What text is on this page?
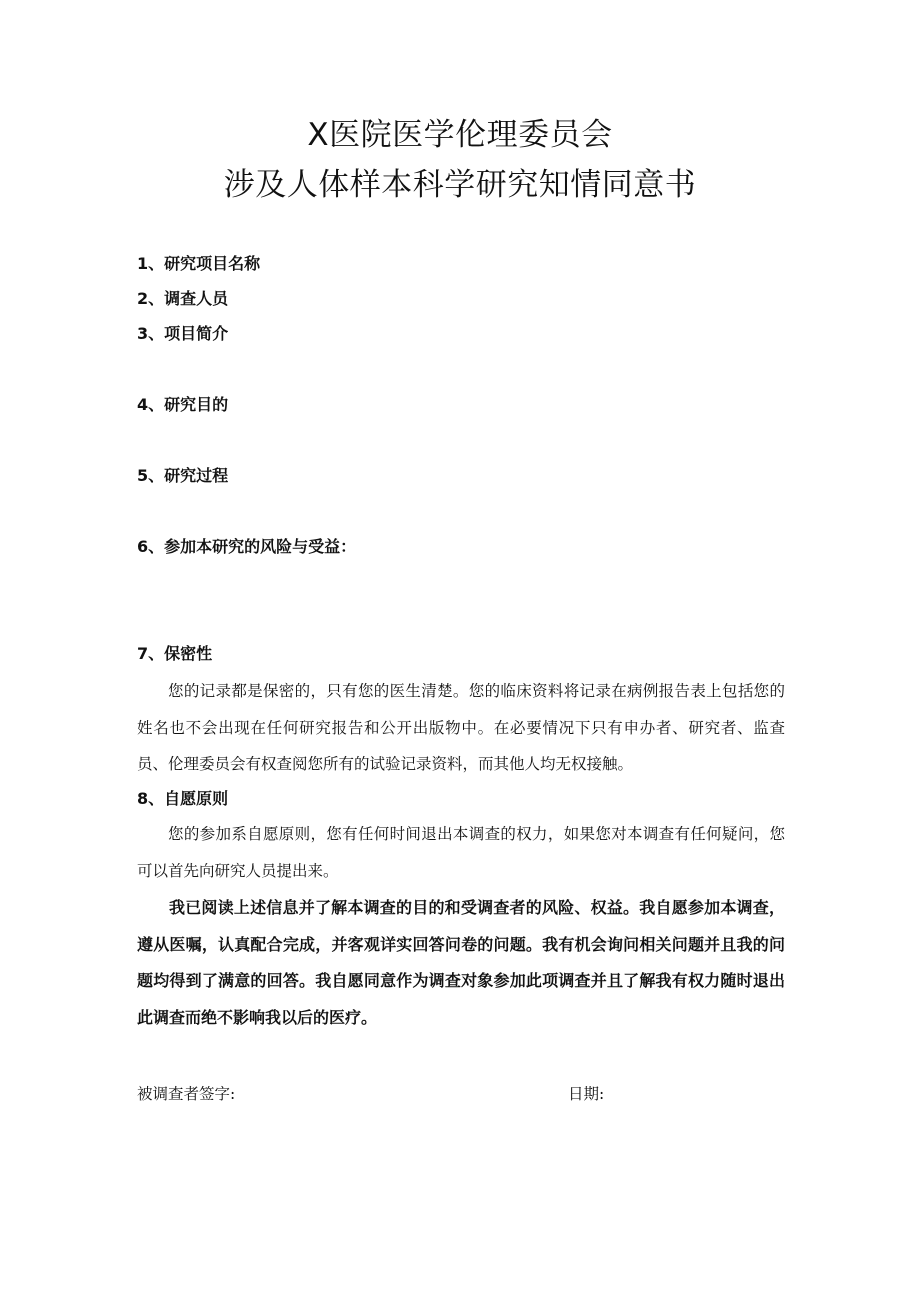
X医院医学伦理委员会
涉及人体样本科学研究知情同意书
1、研究项目名称
2、调查人员
3、项目简介
4、研究目的
5、研究过程
6、参加本研究的风险与受益：
7、保密性
您的记录都是保密的，只有您的医生清楚。您的临床资料将记录在病例报告表上包括您的姓名也不会出现在任何研究报告和公开出版物中。在必要情况下只有申办者、研究者、监查员、伦理委员会有权查阅您所有的试验记录资料，而其他人均无权接触。
8、自愿原则
您的参加系自愿原则，您有任何时间退出本调查的权力，如果您对本调查有任何疑问，您可以首先向研究人员提出来。
我已阅读上述信息并了解本调查的目的和受调查者的风险、权益。我自愿参加本调查，遵从医嘱，认真配合完成，并客观详实回答问卷的问题。我有机会询问相关问题并且我的问题均得到了满意的回答。我自愿同意作为调查对象参加此项调查并且了解我有权力随时退出此调查而绝不影响我以后的医疗。
被调查者签字:	日期:
